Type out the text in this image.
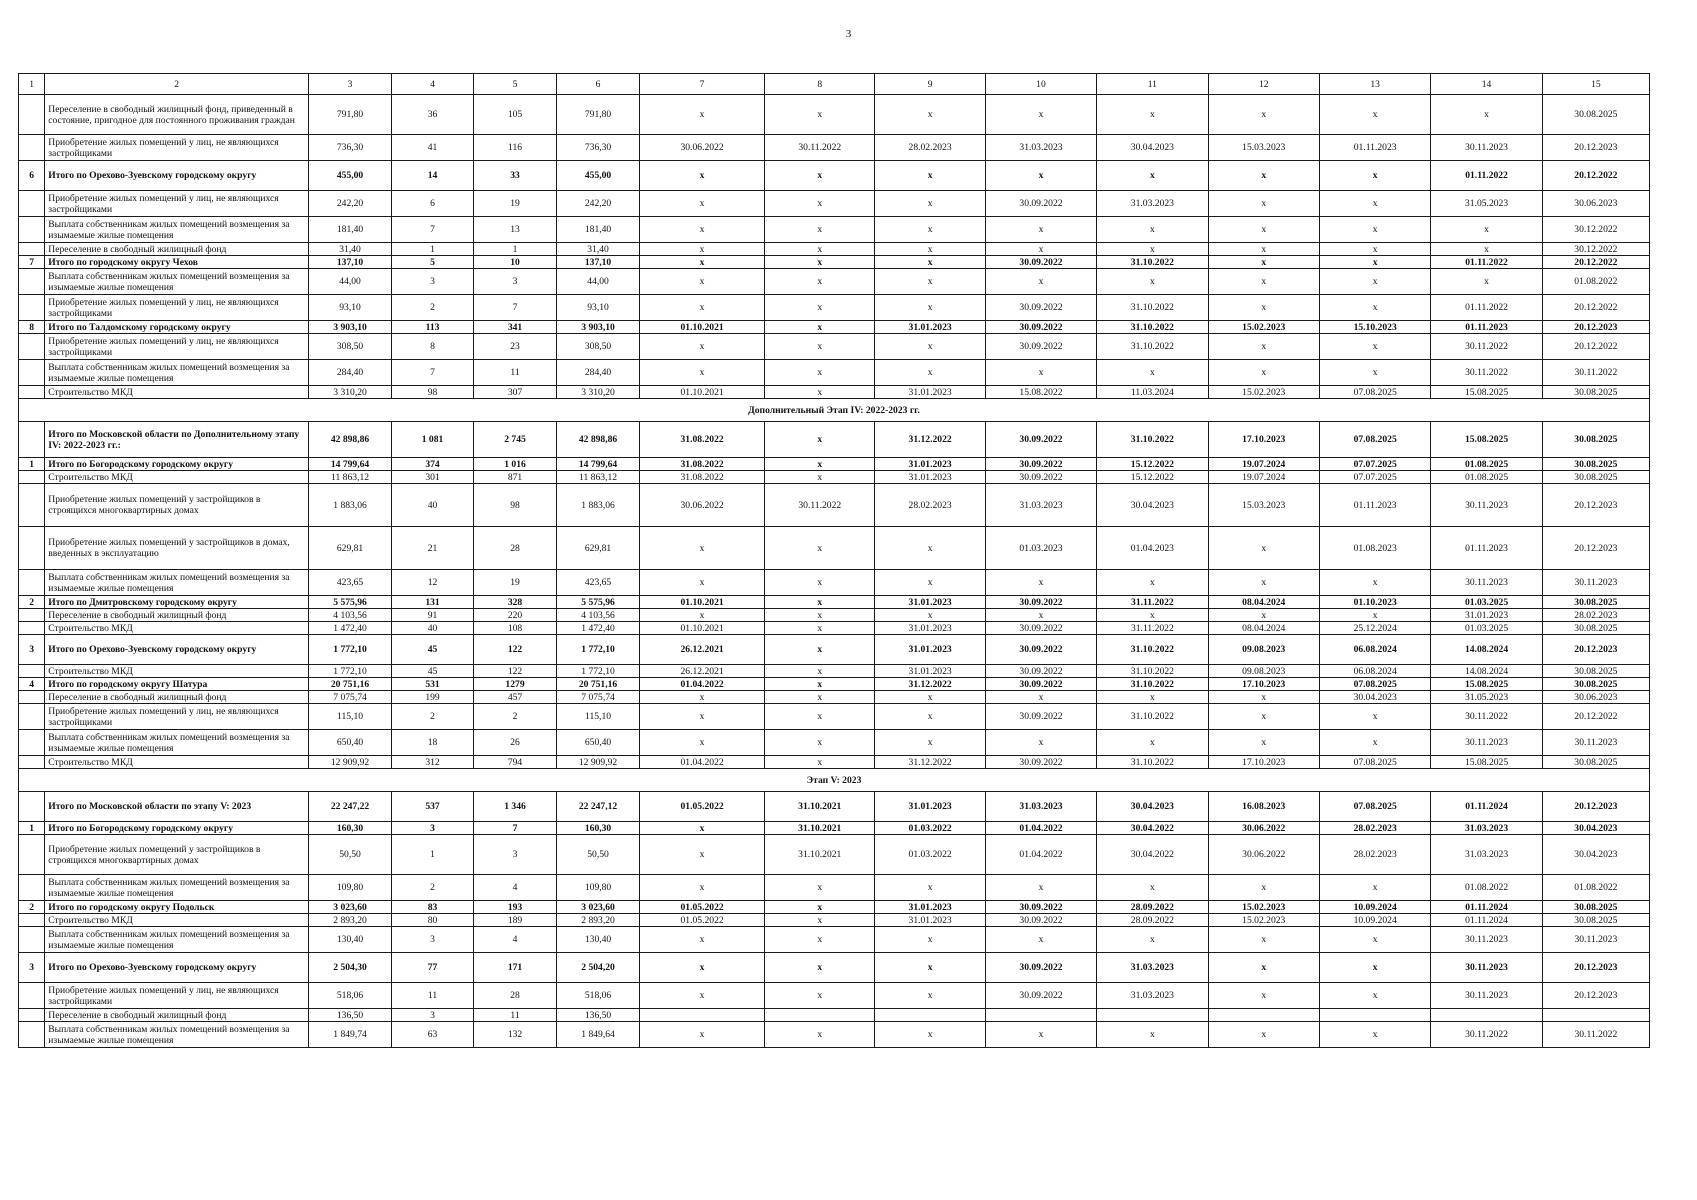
3
1	2	3	4	5	6	7	8	9	10	11	12	13	14	15
	Переселение в свободный жилищный фонд, приведенный в состояние, пригодное для постоянного проживания граждан	791,80	36	105	791,80	x	x	x	x	x	x	x	x	30.08.2025
	Приобретение жилых помещений у лиц, не являющихся застройщиками	736,30	41	116	736,30	30.06.2022	30.11.2022	28.02.2023	31.03.2023	30.04.2023	15.03.2023	01.11.2023	30.11.2023	20.12.2023
6	Итого по Орехово-Зуевскому городскому округу	455,00	14	33	455,00	x	x	x	x	x	x	x	01.11.2022	20.12.2022
	Приобретение жилых помещений у лиц, не являющихся застройщиками	242,20	6	19	242,20	x	x	x	30.09.2022	31.03.2023	x	x	31.05.2023	30.06.2023
	Выплата собственникам жилых помещений возмещения за изымаемые жилые помещения	181,40	7	13	181,40	x	x	x	x	x	x	x	x	30.12.2022
	Переселение в свободный жилищный фонд	31,40	1	1	31,40	x	x	x	x	x	x	x	x	30.12.2022
7	Итого по городскому округу Чехов	137,10	5	10	137,10	x	x	x	30.09.2022	31.10.2022	x	x	01.11.2022	20.12.2022
	Выплата собственникам жилых помещений возмещения за изымаемые жилые помещения	44,00	3	3	44,00	x	x	x	x	x	x	x	x	01.08.2022
	Приобретение жилых помещений у лиц, не являющихся застройщиками	93,10	2	7	93,10	x	x	x	30.09.2022	31.10.2022	x	x	01.11.2022	20.12.2022
8	Итого по Талдомскому городскому округу	3 903,10	113	341	3 903,10	01.10.2021	x	31.01.2023	30.09.2022	31.10.2022	15.02.2023	15.10.2023	01.11.2023	20.12.2023
	Приобретение жилых помещений у лиц, не являющихся застройщиками	308,50	8	23	308,50	x	x	x	30.09.2022	31.10.2022	x	x	30.11.2022	20.12.2022
	Выплата собственникам жилых помещений возмещения за изымаемые жилые помещения	284,40	7	11	284,40	x	x	x	x	x	x	x	30.11.2022	30.11.2022
	Строительство МКД	3 310,20	98	307	3 310,20	01.10.2021	x	31.01.2023	15.08.2022	11.03.2024	15.02.2023	07.08.2025	15.08.2025	30.08.2025
Дополнительный Этап IV: 2022-2023 гг.														
	Итого по Московской области по Дополнительному этапу IV: 2022-2023 гг.:	42 898,86	1 081	2 745	42 898,86	31.08.2022	x	31.12.2022	30.09.2022	31.10.2022	17.10.2023	07.08.2025	15.08.2025	30.08.2025
1	Итого по Богородскому городскому округу	14 799,64	374	1 016	14 799,64	31.08.2022	x	31.01.2023	30.09.2022	15.12.2022	19.07.2024	07.07.2025	01.08.2025	30.08.2025
	Строительство МКД	11 863,12	301	871	11 863,12	31.08.2022	x	31.01.2023	30.09.2022	15.12.2022	19.07.2024	07.07.2025	01.08.2025	30.08.2025
	Приобретение жилых помещений у застройщиков в строящихся многоквартирных домах	1 883,06	40	98	1 883,06	30.06.2022	30.11.2022	28.02.2023	31.03.2023	30.04.2023	15.03.2023	01.11.2023	30.11.2023	20.12.2023
	Приобретение жилых помещений у застройщиков в домах, введенных в эксплуатацию	629,81	21	28	629,81	x	x	x	01.03.2023	01.04.2023	x	01.08.2023	01.11.2023	20.12.2023
	Выплата собственникам жилых помещений возмещения за изымаемые жилые помещения	423,65	12	19	423,65	x	x	x	x	x	x	x	30.11.2023	30.11.2023
2	Итого по Дмитровскому городскому округу	5 575,96	131	328	5 575,96	01.10.2021	x	31.01.2023	30.09.2022	31.11.2022	08.04.2024	01.10.2023	01.03.2025	30.08.2025
	Переселение в свободный жилищный фонд	4 103,56	91	220	4 103,56	x	x	x	x	x	x	x	31.01.2023	28.02.2023
	Строительство МКД	1 472,40	40	108	1 472,40	01.10.2021	x	31.01.2023	30.09.2022	31.11.2022	08.04.2024	25.12.2024	01.03.2025	30.08.2025
3	Итого по Орехово-Зуевскому городскому округу	1 772,10	45	122	1 772,10	26.12.2021	x	31.01.2023	30.09.2022	31.10.2022	09.08.2023	06.08.2024	14.08.2024	20.12.2023
	Строительство МКД	1 772,10	45	122	1 772,10	26.12.2021	x	31.01.2023	30.09.2022	31.10.2022	09.08.2023	06.08.2024	14.08.2024	30.08.2025
4	Итого по городскому округу Шатура	20 751,16	531	1279	20 751,16	01.04.2022	x	31.12.2022	30.09.2022	31.10.2022	17.10.2023	07.08.2025	15.08.2025	30.08.2025
	Переселение в свободный жилищный фонд	7 075,74	199	457	7 075,74	x	x	x	x	x	x	30.04.2023	31.05.2023	30.06.2023
	Приобретение жилых помещений у лиц, не являющихся застройщиками	115,10	2	2	115,10	x	x	x	30.09.2022	31.10.2022	x	x	30.11.2022	20.12.2022
	Выплата собственникам жилых помещений возмещения за изымаемые жилые помещения	650,40	18	26	650,40	x	x	x	x	x	x	x	30.11.2023	30.11.2023
	Строительство МКД	12 909,92	312	794	12 909,92	01.04.2022	x	31.12.2022	30.09.2022	31.10.2022	17.10.2023	07.08.2025	15.08.2025	30.08.2025
Этап V: 2023														
	Итого по Московской области по этапу V: 2023	22 247,22	537	1 346	22 247,12	01.05.2022	31.10.2021	31.01.2023	31.03.2023	30.04.2023	16.08.2023	07.08.2025	01.11.2024	20.12.2023
1	Итого по Богородскому городскому округу	160,30	3	7	160,30	x	31.10.2021	01.03.2022	01.04.2022	30.04.2022	30.06.2022	28.02.2023	31.03.2023	30.04.2023
	Приобретение жилых помещений у застройщиков в строящихся многоквартирных домах	50,50	1	3	50,50	x	31.10.2021	01.03.2022	01.04.2022	30.04.2022	30.06.2022	28.02.2023	31.03.2023	30.04.2023
	Выплата собственникам жилых помещений возмещения за изымаемые жилые помещения	109,80	2	4	109,80	x	x	x	x	x	x	x	01.08.2022	01.08.2022
2	Итого по городскому округу Подольск	3 023,60	83	193	3 023,60	01.05.2022	x	31.01.2023	30.09.2022	28.09.2022	15.02.2023	10.09.2024	01.11.2024	30.08.2025
	Строительство МКД	2 893,20	80	189	2 893,20	01.05.2022	x	31.01.2023	30.09.2022	28.09.2022	15.02.2023	10.09.2024	01.11.2024	30.08.2025
	Выплата собственникам жилых помещений возмещения за изымаемые жилые помещения	130,40	3	4	130,40	x	x	x	x	x	x	x	30.11.2023	30.11.2023
3	Итого по Орехово-Зуевскому городскому округу	2 504,30	77	171	2 504,20	x	x	x	30.09.2022	31.03.2023	x	x	30.11.2023	20.12.2023
	Приобретение жилых помещений у лиц, не являющихся застройщиками	518,06	11	28	518,06	x	x	x	30.09.2022	31.03.2023	x	x	30.11.2023	20.12.2023
	Переселение в свободный жилищный фонд	136,50	3	11	136,50									
	Выплата собственникам жилых помещений возмещения за изымаемые жилые помещения	1 849,74	63	132	1 849,64	x	x	x	x	x	x	x	30.11.2022	30.11.2022
